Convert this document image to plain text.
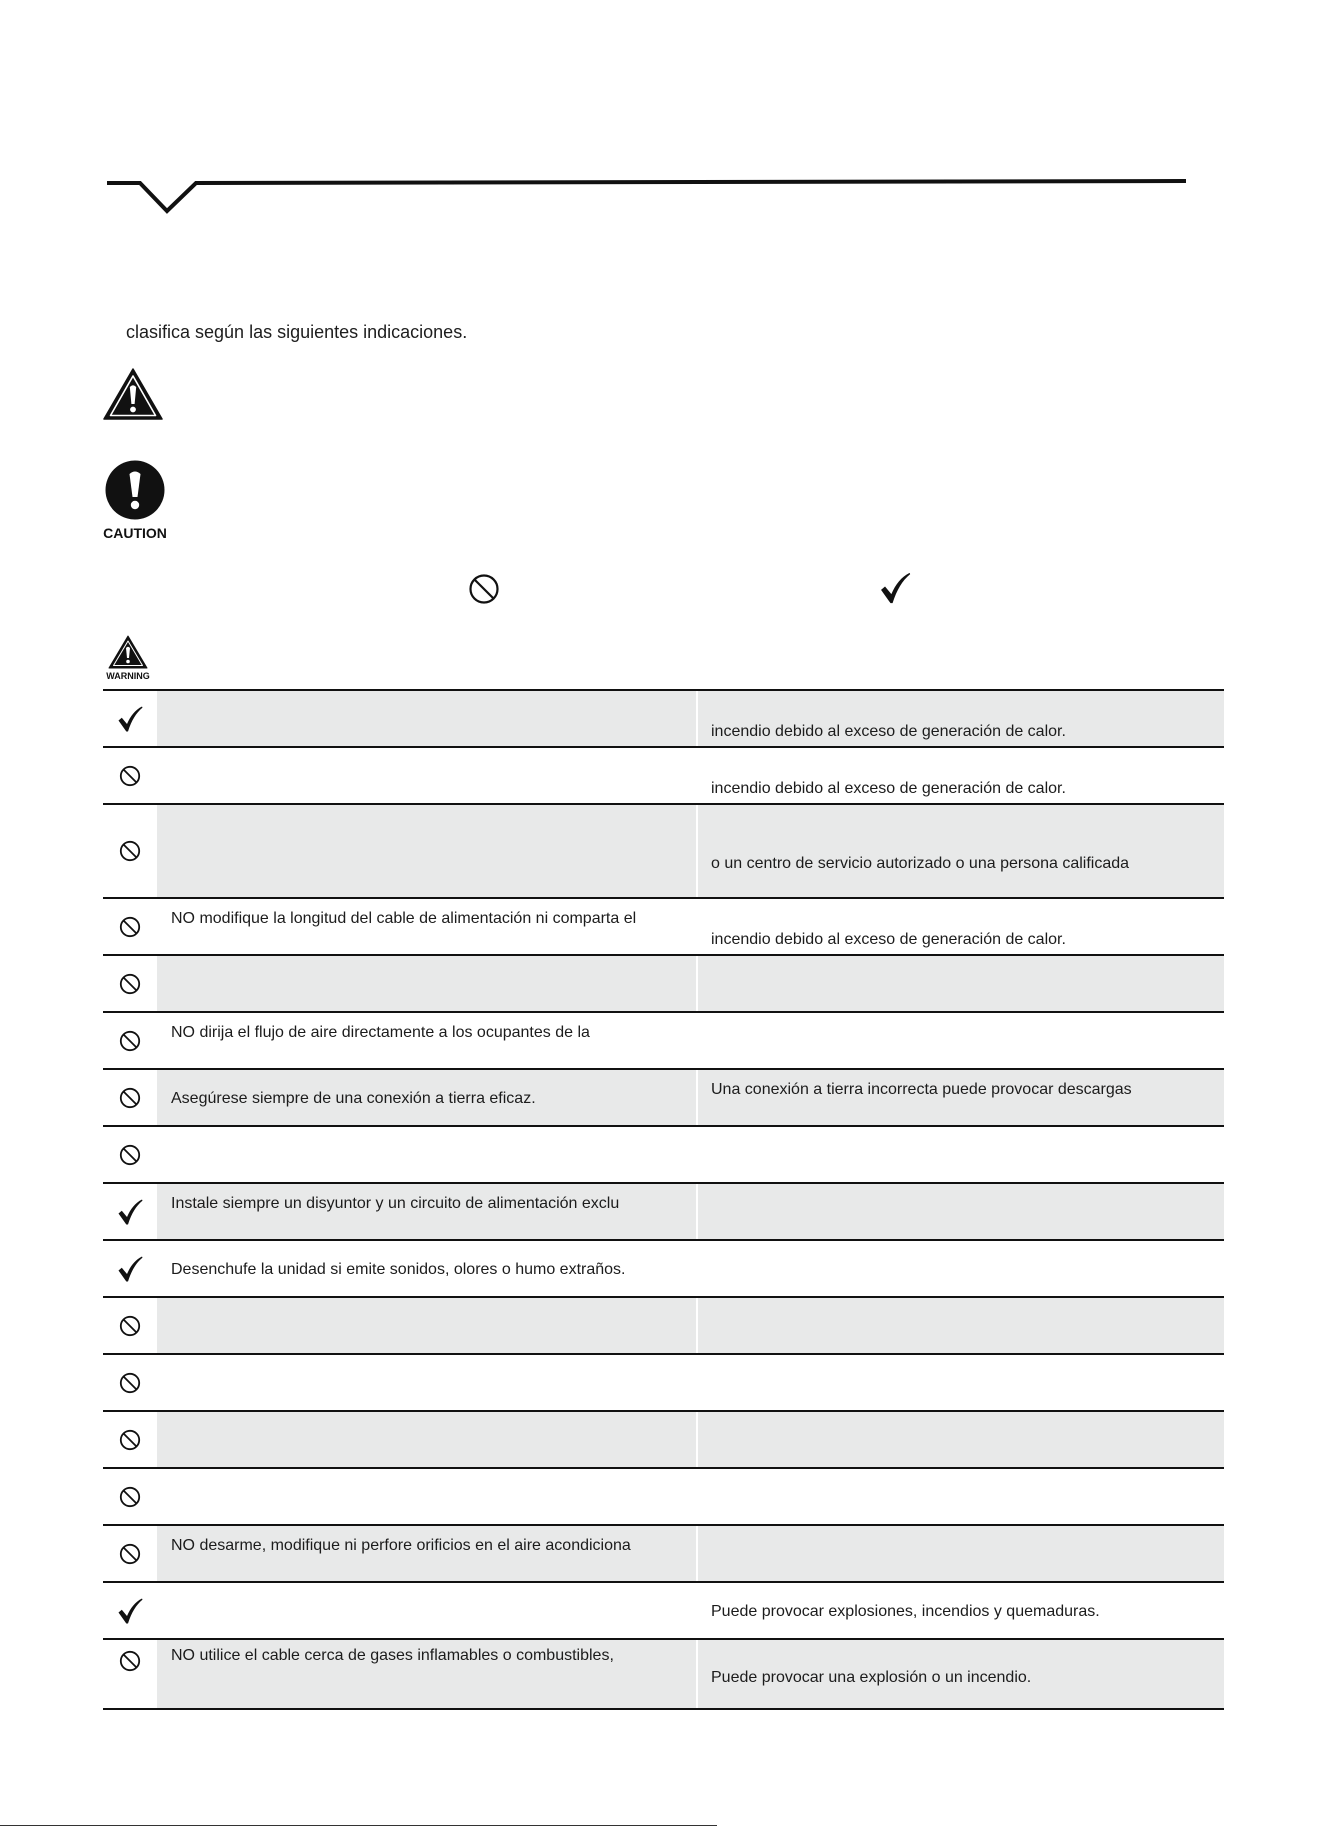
clasifica según las siguientes indicaciones.
CAUTION
WARNING
incendio debido al exceso de generación de calor.
incendio debido al exceso de generación de calor.
o un centro de servicio autorizado o una persona calificada
NO modifique la longitud del cable de alimentación ni comparta el
incendio debido al exceso de generación de calor.
NO dirija el flujo de aire directamente a los ocupantes de la
Asegúrese siempre de una conexión a tierra eficaz.
Una conexión a tierra incorrecta puede provocar descargas
Instale siempre un disyuntor y un circuito de alimentación exclu
Desenchufe la unidad si emite sonidos, olores o humo extraños.
NO desarme, modifique ni perfore orificios en el aire acondiciona
Puede provocar explosiones, incendios y quemaduras.
NO utilice el cable cerca de gases inflamables o combustibles,
Puede provocar una explosión o un incendio.
